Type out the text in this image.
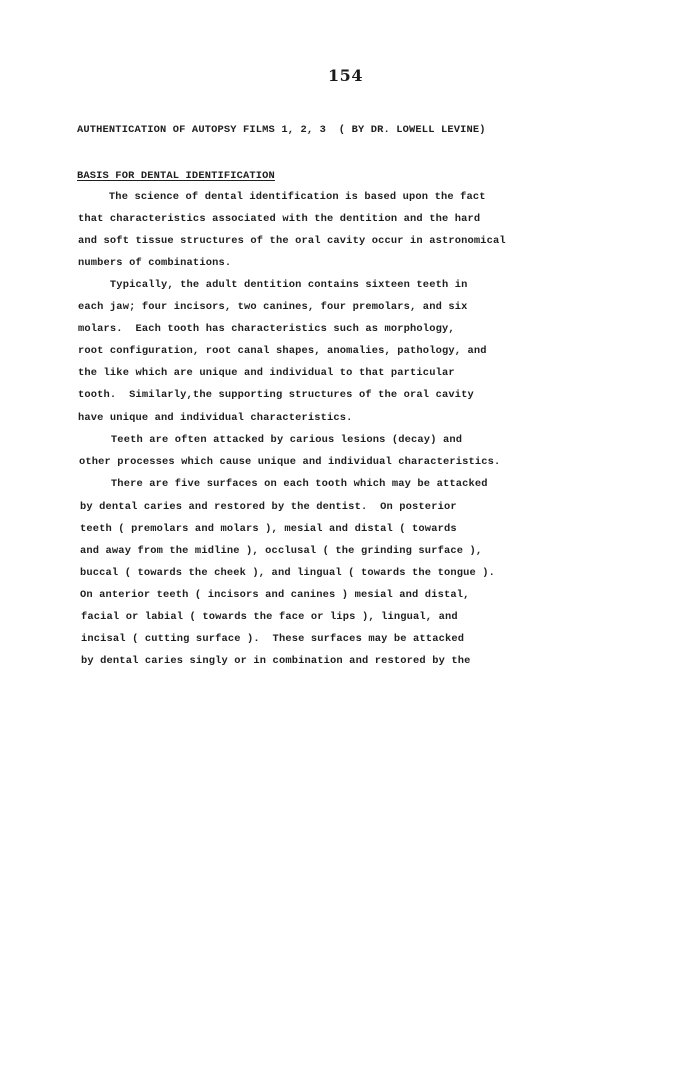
154
AUTHENTICATION OF AUTOPSY FILMS 1, 2, 3  ( BY DR. LOWELL LEVINE)
BASIS FOR DENTAL IDENTIFICATION
The science of dental identification is based upon the fact
that characteristics associated with the dentition and the hard
and soft tissue structures of the oral cavity occur in astronomical
numbers of combinations.
Typically, the adult dentition contains sixteen teeth in
each jaw; four incisors, two canines, four premolars, and six
molars.  Each tooth has characteristics such as morphology,
root configuration, root canal shapes, anomalies, pathology, and
the like which are unique and individual to that particular
tooth.  Similarly,the supporting structures of the oral cavity
have unique and individual characteristics.
Teeth are often attacked by carious lesions (decay) and
other processes which cause unique and individual characteristics.
There are five surfaces on each tooth which may be attacked
by dental caries and restored by the dentist.  On posterior
teeth ( premolars and molars ), mesial and distal ( towards
and away from the midline ), occlusal ( the grinding surface ),
buccal ( towards the cheek ), and lingual ( towards the tongue ).
On anterior teeth ( incisors and canines ) mesial and distal,
facial or labial ( towards the face or lips ), lingual, and
incisal ( cutting surface ).  These surfaces may be attacked
by dental caries singly or in combination and restored by the
